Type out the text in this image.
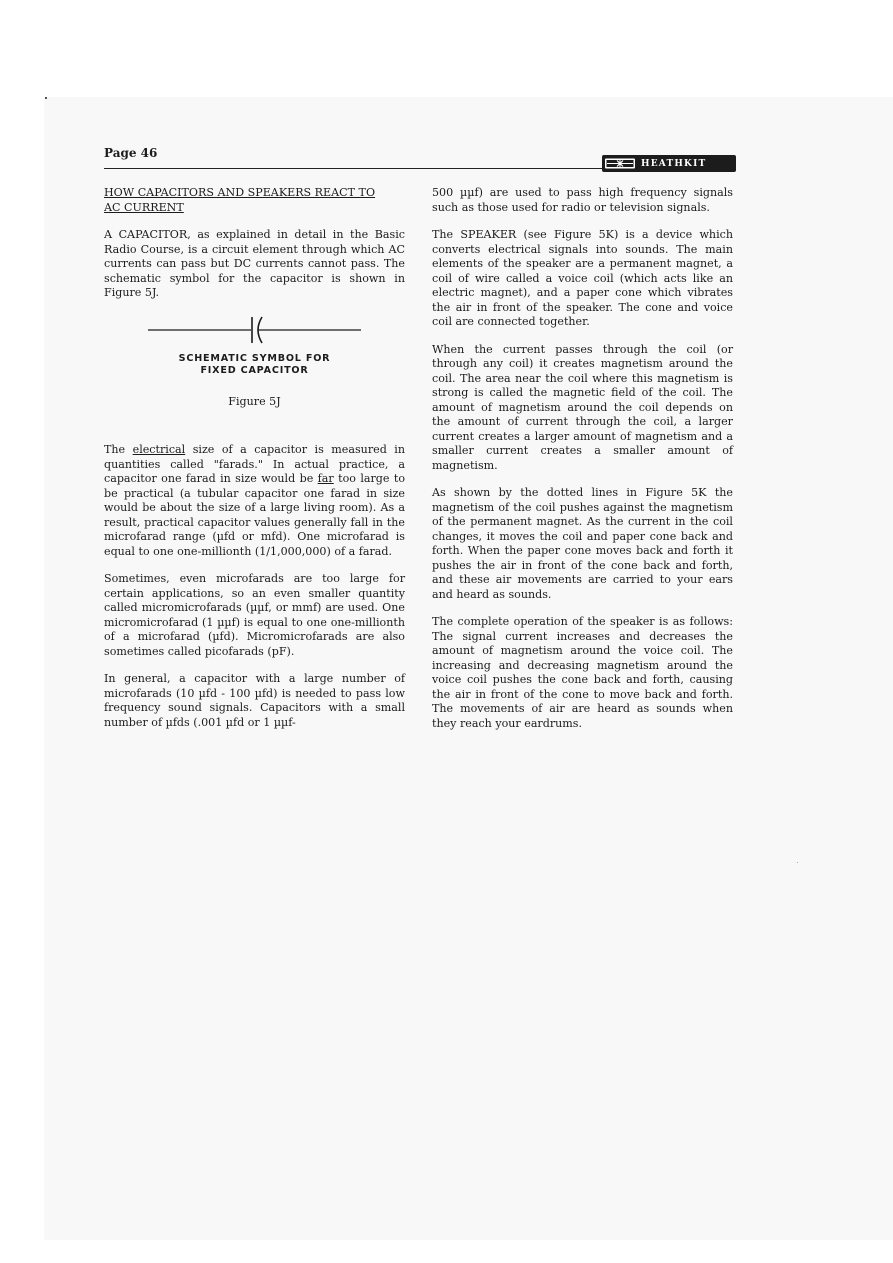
Page 46
HEATHKIT
HOW CAPACITORS AND SPEAKERS REACT TO
AC CURRENT

A CAPACITOR, as explained in detail in the Basic Radio Course, is a circuit element through which AC currents can pass but DC currents cannot pass. The schematic symbol for the capacitor is shown in Figure 5J.

SCHEMATIC SYMBOL FOR
FIXED CAPACITOR
Figure 5J

The electrical size of a capacitor is measured in quantities called "farads." In actual practice, a capacitor one farad in size would be far too large to be practical (a tubular capacitor one farad in size would be about the size of a large living room). As a result, practical capacitor values generally fall in the microfarad range (µfd or mfd). One microfarad is equal to one one-millionth (1/1,000,000) of a farad.

Sometimes, even microfarads are too large for certain applications, so an even smaller quantity called micromicrofarads (µµf, or mmf) are used. One micromicrofarad (1 µµf) is equal to one one-millionth of a microfarad (µfd). Micromicrofarads are also sometimes called picofarads (pF).

In general, a capacitor with a large number of microfarads (10 µfd - 100 µfd) is needed to pass low frequency sound signals. Capacitors with a small number of µfds (.001 µfd or 1 µµf-

500 µµf) are used to pass high frequency signals such as those used for radio or television signals.

The SPEAKER (see Figure 5K) is a device which converts electrical signals into sounds. The main elements of the speaker are a permanent magnet, a coil of wire called a voice coil (which acts like an electric magnet), and a paper cone which vibrates the air in front of the speaker. The cone and voice coil are connected together.

When the current passes through the coil (or through any coil) it creates magnetism around the coil. The area near the coil where this magnetism is strong is called the magnetic field of the coil. The amount of magnetism around the coil depends on the amount of current through the coil, a larger current creates a larger amount of magnetism and a smaller current creates a smaller amount of magnetism.

As shown by the dotted lines in Figure 5K the magnetism of the coil pushes against the magnetism of the permanent magnet. As the current in the coil changes, it moves the coil and paper cone back and forth. When the paper cone moves back and forth it pushes the air in front of the cone back and forth, and these air movements are carried to your ears and heard as sounds.

The complete operation of the speaker is as follows: The signal current increases and decreases the amount of magnetism around the voice coil. The increasing and decreasing magnetism around the voice coil pushes the cone back and forth, causing the air in front of the cone to move back and forth. The movements of air are heard as sounds when they reach your eardrums.
